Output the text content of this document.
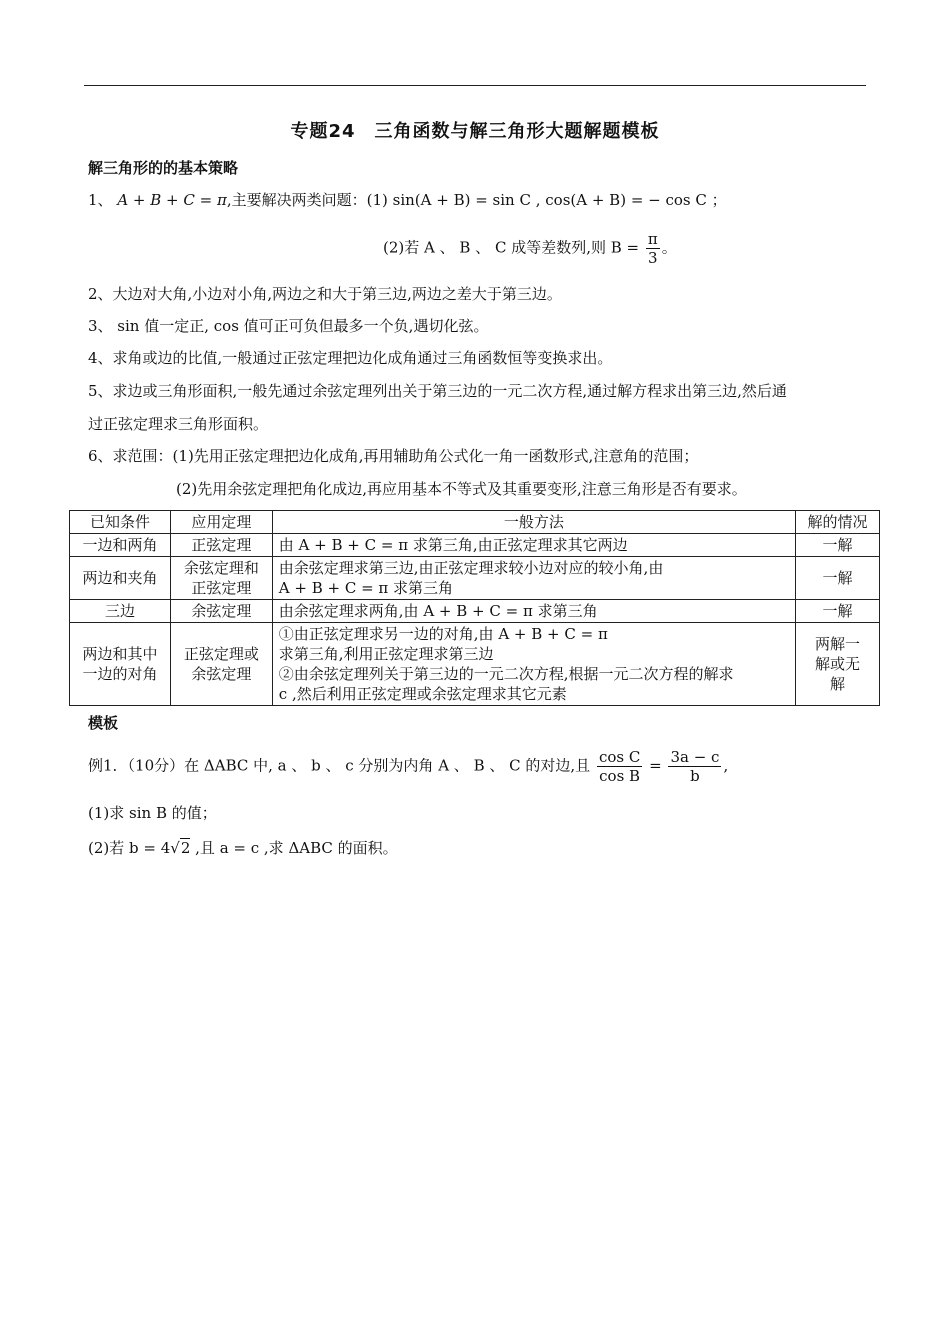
专题24　三角函数与解三角形大题解题模板
解三角形的的基本策略
1、 A + B + C = π,主要解决两类问题：(1) sin(A + B) = sin C , cos(A + B) = − cos C ；
(2)若 A 、 B 、 C 成等差数列,则 $B = \frac{\pi}{3}$ 。
2、大边对大角,小边对小角,两边之和大于第三边,两边之差大于第三边。
3、 sin 值一定正, cos 值可正可负但最多一个负,遇切化弦。
4、求角或边的比值,一般通过正弦定理把边化成角通过三角函数恒等变换求出。
5、求边或三角形面积,一般先通过余弦定理列出关于第三边的一元二次方程,通过解方程求出第三边,然后通
过正弦定理求三角形面积。
6、求范围：(1)先用正弦定理把边化成角,再用辅助角公式化一角一函数形式,注意角的范围；
(2)先用余弦定理把角化成边,再应用基本不等式及其重要变形,注意三角形是否有要求。
已知条件	应用定理	一般方法	解的情况
一边和两角	正弦定理	由 A + B + C = π 求第三角,由正弦定理求其它两边	一解
两边和夹角	余弦定理和正弦定理	由余弦定理求第三边,由正弦定理求较小边对应的较小角,由
A + B + C = π 求第三角	一解
三边	余弦定理	由余弦定理求两角,由 A + B + C = π 求第三角	一解
两边和其中一边的对角	正弦定理或余弦定理	①由正弦定理求另一边的对角,由 A + B + C = π
求第三角,利用正弦定理求第三边
②由余弦定理列关于第三边的一元二次方程,根据一元二次方程的解求
c ,然后利用正弦定理或余弦定理求其它元素	两解一解或无解
模板
例1．（10分）在 ΔABC 中, a 、 b 、 c 分别为内角 A 、 B 、 C 的对边,且 $\frac{\text{cos C}}{\text{cos B}} = \frac{3a - c}{b}$ ,
(1)求 sin B 的值；
(2)若 b = 4√2 ,且 a = c ,求 ΔABC 的面积。
